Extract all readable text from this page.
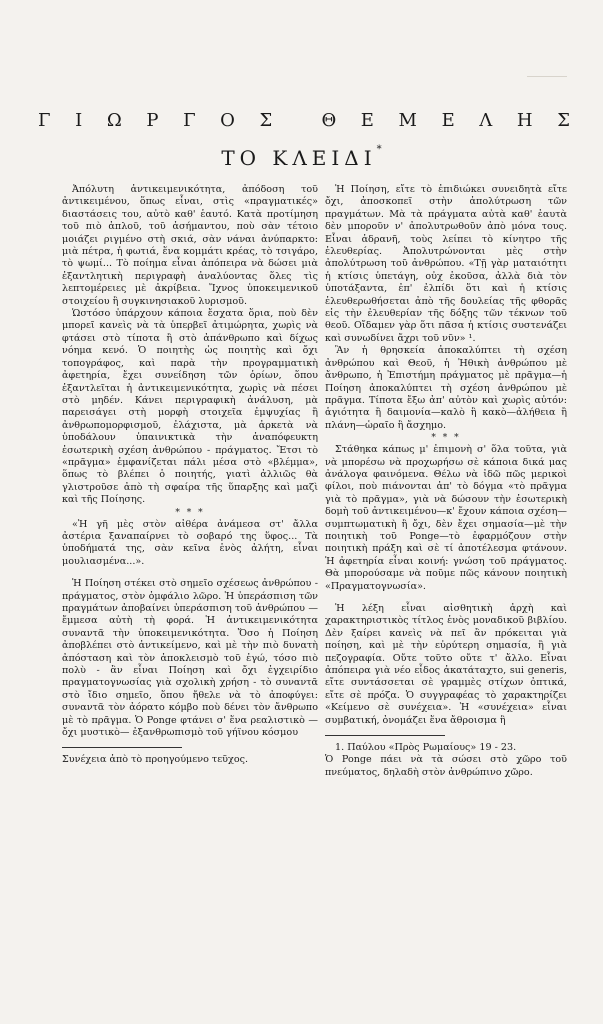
Γ Ι Ω Ρ Γ Ο Σ	Θ Ε Μ Ε Λ Η Σ
ΤΟ ΚΛΕΙΔΙ*

Ἀπόλυτη ἀντικειμενικότητα, ἀπόδοση τοῦ ἀντικειμένου, ὅπως εἶναι, στὶς «πραγματικές» διαστάσεις του, αὐτὸ καθ' ἑαυτό. Κατὰ προτίμηση τοῦ πιὸ ἁπλοῦ, τοῦ ἀσήμαντου, ποὺ σὰν τέτοιο μοιάζει ριγμένο στὴ σκιά, σὰν νάναι ἀνύπαρκτο: μιὰ πέτρα, ἡ φωτιά, ἕνα κομμάτι κρέας, τὸ τσιγάρο, τὸ ψωμί... Τὸ ποίημα εἶναι ἀπόπειρα νὰ δώσει μιὰ ἐξαντλητικὴ περιγραφὴ ἀναλύοντας ὅλες τὶς λεπτομέρειες μὲ ἀκρίβεια. Ἴχνος ὑποκειμενικοῦ στοιχείου ἢ συγκινησιακοῦ λυρισμοῦ.

Ὡστόσο ὑπάρχουν κάποια ἔσχατα ὅρια, ποὺ δὲν μπορεῖ κανεὶς νὰ τὰ ὑπερβεῖ ἀτιμώρητα, χωρὶς νὰ φτάσει στὸ τίποτα ἢ στὸ ἀπάνθρωπο καὶ δίχως νόημα κενό. Ὁ ποιητὴς ὡς ποιητὴς καὶ ὄχι τοπογράφος, καὶ παρὰ τὴν προγραμματικὴ ἀφετηρία, ἔχει συνείδηση τῶν ὁρίων, ὅπου ἐξαντλεῖται ἡ ἀντικειμενικότητα, χωρὶς νὰ πέσει στὸ μηδέν. Κάνει περιγραφικὴ ἀνάλυση, μὰ παρεισάγει στὴ μορφὴ στοιχεῖα ἐμψυχίας ἢ ἀνθρωπομορφισμοῦ, ἐλάχιστα, μὰ ἀρκετὰ νὰ ὑποδάλουν ὑπαινικτικὰ τὴν ἀναπόφευκτη ἐσωτερικὴ σχέση ἀνθρώπου - πράγματος. Ἔτσι τὸ «πρᾶγμα» ἐμφανίζεται πάλι μέσα στὸ «βλέμμα», ὅπως τὸ βλέπει ὁ ποιητής, γιατὶ ἀλλιῶς θὰ γλιστροῦσε ἀπὸ τὴ σφαίρα τῆς ὕπαρξης καὶ μαζὶ καὶ τῆς Ποίησης.

* * *

«Ἡ γῆ μὲς στὸν αἰθέρα ἀνάμεσα στ' ἄλλα ἀστέρια ξαναπαίρνει τὸ σοβαρό της ὕφος... Τὰ ὑποδήματά της, σὰν κεῖνα ἑνὸς ἀλήτη, εἶναι μουλιασμένα...».

Ἡ Ποίηση στέκει στὸ σημεῖο σχέσεως ἀνθρώπου - πράγματος, στὸν ὁμφάλιο λῶρο. Ἡ ὑπεράσπιση τῶν πραγμάτων ἀποβαίνει ὑπεράσπιση τοῦ ἀνθρώπου — ἔμμεσα αὐτὴ τὴ φορά. Ἡ ἀντικειμενικότητα συναντᾶ τὴν ὑποκειμενικότητα. Ὅσο ἡ Ποίηση ἀποβλέπει στὸ ἀντικείμενο, καὶ μὲ τὴν πιὸ δυνατὴ ἀπόσταση καὶ τὸν ἀποκλεισμὸ τοῦ ἐγώ, τόσο πιὸ πολὺ - ἂν εἶναι Ποίηση καὶ ὄχι ἐγχειρίδιο πραγματογνωσίας γιὰ σχολικὴ χρήση - τὸ συναντᾶ στὸ ἴδιο σημεῖο, ὅπου ἤθελε νὰ τὸ ἀποφύγει: συναντᾶ τὸν ἀόρατο κόμβο ποὺ δένει τὸν ἄνθρωπο μὲ τὸ πρᾶγμα. Ὁ Ponge φτάνει σ' ἕνα ρεαλιστικὸ — ὄχι μυστικὸ— ἐξανθρωπισμὸ τοῦ γήϊνου κόσμου

Συνέχεια ἀπὸ τὸ προηγούμενο τεῦχος.

Ἡ Ποίηση, εἴτε τὸ ἐπιδιώκει συνειδητὰ εἴτε ὄχι, ἀποσκοπεῖ στὴν ἀπολύτρωση τῶν πραγμάτων. Μὰ τὰ πράγματα αὐτὰ καθ' ἑαυτὰ δὲν μποροῦν ν' ἀπολυτρωθοῦν ἀπὸ μόνα τους. Εἶναι ἀδρανῆ, τοὺς λείπει τὸ κίνητρο τῆς ἐλευθερίας. Ἀπολυτρώνονται μὲς στὴν ἀπολύτρωση τοῦ ἀνθρώπου. «Τῇ γὰρ ματαιότητι ἡ κτίσις ὑπετάγη, οὐχ ἑκοῦσα, ἀλλὰ διὰ τὸν ὑποτάξαντα, ἐπ' ἐλπίδι ὅτι καὶ ἡ κτίσις ἐλευθερωθήσεται ἀπὸ τῆς δουλείας τῆς φθορᾶς εἰς τὴν ἐλευθερίαν τῆς δόξης τῶν τέκνων τοῦ θεοῦ. Οἴδαμεν γὰρ ὅτι πᾶσα ἡ κτίσις συστενάζει καὶ συνωδίνει ἄχρι τοῦ νῦν» ¹.

Ἂν ἡ θρησκεία ἀποκαλύπτει τὴ σχέση ἀνθρώπου καὶ Θεοῦ, ἡ Ἠθικὴ ἀνθρώπου μὲ ἄνθρωπο, ἡ Ἐπιστήμη πράγματος μὲ πρᾶγμα—ἡ Ποίηση ἀποκαλύπτει τὴ σχέση ἀνθρώπου μὲ πρᾶγμα. Τίποτα ἔξω ἀπ' αὐτὸν καὶ χωρὶς αὐτόν: ἁγιότητα ἢ δαιμονία—καλὸ ἢ κακὸ—ἀλήθεια ἢ πλάνη—ὡραῖο ἢ ἄσχημο.

* * *

Στάθηκα κάπως μ' ἐπιμονὴ σ' ὅλα τοῦτα, γιὰ νὰ μπορέσω νὰ προχωρήσω σὲ κάποια δικά μας ἀνάλογα φαινόμενα. Θέλω νὰ ἰδῶ πῶς μερικοὶ φίλοι, ποὺ πιάνονται ἀπ' τὸ δόγμα «τὸ πρᾶγμα γιὰ τὸ πρᾶγμα», γιὰ νὰ δώσουν τὴν ἐσωτερικὴ δομὴ τοῦ ἀντικειμένου—κ' ἔχουν κάποια σχέση—συμπτωματικὴ ἢ ὄχι, δὲν ἔχει σημασία—μὲ τὴν ποιητικὴ τοῦ Ponge—τὸ ἐφαρμόζουν στὴν ποιητικὴ πράξη καὶ σὲ τί ἀποτέλεσμα φτάνουν. Ἡ ἀφετηρία εἶναι κοινή: γνώση τοῦ πράγματος. Θὰ μπορούσαμε νὰ ποῦμε πῶς κάνουν ποιητικὴ «Πραγματογνωσία».

Ἡ λέξη εἶναι αἰσθητικὴ ἀρχὴ καὶ χαρακτηριστικὸς τίτλος ἑνὸς μοναδικοῦ βιβλίου. Δὲν ξαίρει κανεὶς νὰ πεῖ ἂν πρόκειται γιὰ ποίηση, καὶ μὲ τὴν εὐρύτερη σημασία, ἢ γιὰ πεζογραφία. Οὔτε τοῦτο οὔτε τ' ἄλλο. Εἶναι ἀπόπειρα γιὰ νέο εἶδος ἀκατάταχτο, sui generis, εἴτε συντάσσεται σὲ γραμμὲς στίχων ὀπτικά, εἴτε σὲ πρόζα. Ὁ συγγραφέας τὸ χαρακτηρίζει «Κείμενο σὲ συνέχεια». Ἡ «συνέχεια» εἶναι συμβατική, ὀνομάζει ἕνα ἄθροισμα ἢ

1. Παύλου «Πρὸς Ρωμαίους» 19 - 23.

Ὁ Ponge πάει νὰ τὰ σώσει στὸ χῶρο τοῦ πνεύματος, δηλαδὴ στὸν ἀνθρώπινο χῶρο.
